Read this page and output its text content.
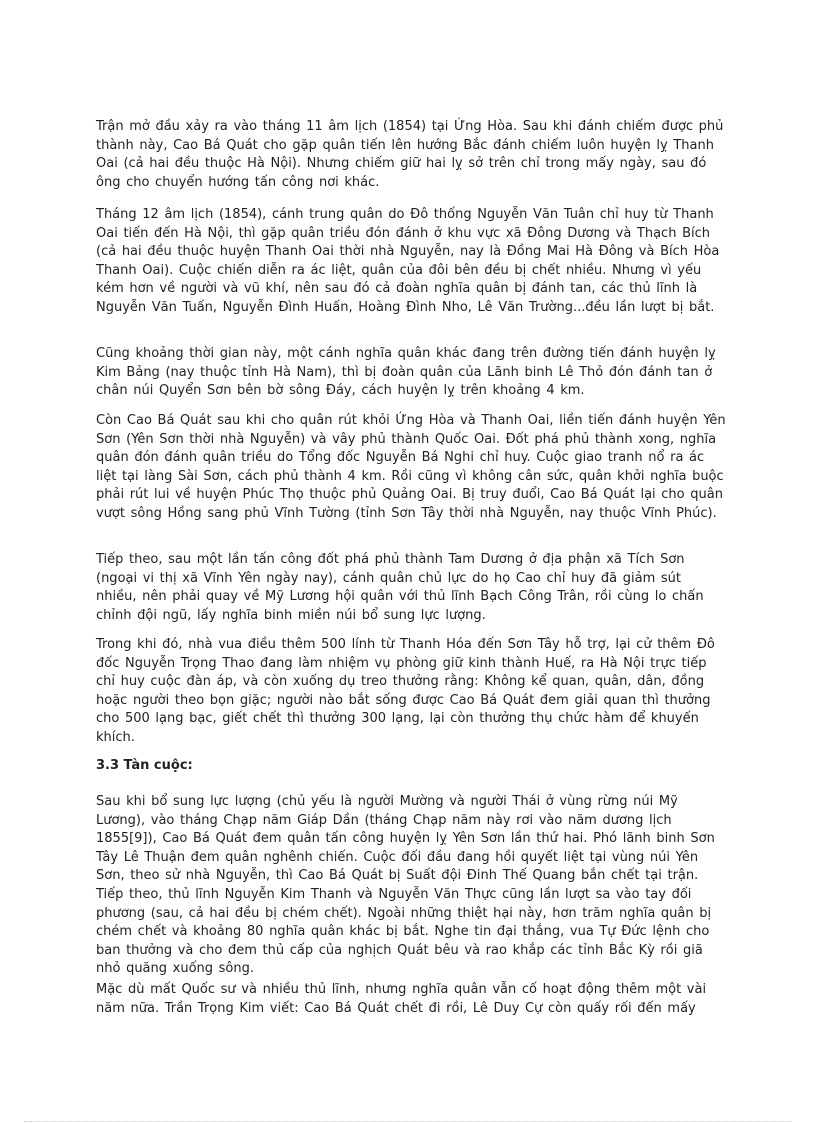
Trận mở đầu xảy ra vào tháng 11 âm lịch (1854) tại Ứng Hòa. Sau khi đánh chiếm được phủ thành này, Cao Bá Quát cho gặp quân tiến lên hướng Bắc đánh chiếm luôn huyện lỵ Thanh Oai (cả hai đều thuộc Hà Nội). Nhưng chiếm giữ hai lỵ sở trên chỉ trong mấy ngày, sau đó ông cho chuyển hướng tấn công nơi khác.

Tháng 12 âm lịch (1854), cánh trung quân do Đô thống Nguyễn Văn Tuân chỉ huy từ Thanh Oai tiến đến Hà Nội, thì gặp quân triều đón đánh ở khu vực xã Đông Dương và Thạch Bích (cả hai đều thuộc huyện Thanh Oai thời nhà Nguyễn, nay là Đồng Mai Hà Đông và Bích Hòa Thanh Oai). Cuộc chiến diễn ra ác liệt, quân của đôi bên đều bị chết nhiều. Nhưng vì yếu kém hơn về người và vũ khí, nên sau đó cả đoàn nghĩa quân bị đánh tan, các thủ lĩnh là Nguyễn Văn Tuấn, Nguyễn Đình Huấn, Hoàng Đình Nho, Lê Văn Trường...đều lần lượt bị bắt.

Cũng khoảng thời gian này, một cánh nghĩa quân khác đang trên đường tiến đánh huyện lỵ Kim Bảng (nay thuộc tỉnh Hà Nam), thì bị đoàn quân của Lãnh binh Lê Thỏ đón đánh tan ở chân núi Quyển Sơn bên bờ sông Đáy, cách huyện lỵ trên khoảng 4 km.

Còn Cao Bá Quát sau khi cho quân rút khỏi Ứng Hòa và Thanh Oai, liền tiến đánh huyện Yên Sơn (Yên Sơn thời nhà Nguyễn) và vây phủ thành Quốc Oai. Đốt phá phủ thành xong, nghĩa quân đón đánh quân triều do Tổng đốc Nguyễn Bá Nghi chỉ huy. Cuộc giao tranh nổ ra ác liệt tại làng Sài Sơn, cách phủ thành 4 km. Rồi cũng vì không cân sức, quân khởi nghĩa buộc phải rút lui về huyện Phúc Thọ thuộc phủ Quảng Oai. Bị truy đuổi, Cao Bá Quát lại cho quân vượt sông Hồng sang phủ Vĩnh Tường (tỉnh Sơn Tây thời nhà Nguyễn, nay thuộc Vĩnh Phúc).

Tiếp theo, sau một lần tấn công đốt phá phủ thành Tam Dương ở địa phận xã Tích Sơn (ngoại vi thị xã Vĩnh Yên ngày nay), cánh quân chủ lực do họ Cao chỉ huy đã giảm sút nhiều, nên phải quay về Mỹ Lương hội quân với thủ lĩnh Bạch Công Trân, rồi cùng lo chấn chỉnh đội ngũ, lấy nghĩa binh miền núi bổ sung lực lượng.

Trong khi đó, nhà vua điều thêm 500 lính từ Thanh Hóa đến Sơn Tây hỗ trợ, lại cử thêm Đô đốc Nguyễn Trọng Thao đang làm nhiệm vụ phòng giữ kinh thành Huế, ra Hà Nội trực tiếp chỉ huy cuộc đàn áp, và còn xuống dụ treo thưởng rằng: Không kể quan, quân, dân, đồng hoặc người theo bọn giặc; người nào bắt sống được Cao Bá Quát đem giải quan thì thưởng cho 500 lạng bạc, giết chết thì thưởng 300 lạng, lại còn thưởng thụ chức hàm để khuyến khích.

3.3 Tàn cuộc:

Sau khi bổ sung lực lượng (chủ yếu là người Mường và người Thái ở vùng rừng núi Mỹ Lương), vào tháng Chạp năm Giáp Dần (tháng Chạp năm này rơi vào năm dương lịch 1855[9]), Cao Bá Quát đem quân tấn công huyện lỵ Yên Sơn lần thứ hai. Phó lãnh binh Sơn Tây Lê Thuận đem quân nghênh chiến. Cuộc đối đầu đang hồi quyết liệt tại vùng núi Yên Sơn, theo sử nhà Nguyễn, thì Cao Bá Quát bị Suất đội Đinh Thế Quang bắn chết tại trận. Tiếp theo, thủ lĩnh Nguyễn Kim Thanh và Nguyễn Văn Thực cũng lần lượt sa vào tay đối phương (sau, cả hai đều bị chém chết). Ngoài những thiệt hại này, hơn trăm nghĩa quân bị chém chết và khoảng 80 nghĩa quân khác bị bắt. Nghe tin đại thắng, vua Tự Đức lệnh cho ban thưởng và cho đem thủ cấp của nghịch Quát bêu và rao khắp các tỉnh Bắc Kỳ rồi giã nhỏ quăng xuống sông.

Mặc dù mất Quốc sư và nhiều thủ lĩnh, nhưng nghĩa quân vẫn cố hoạt động thêm một vài năm nữa. Trần Trọng Kim viết: Cao Bá Quát chết đi rồi, Lê Duy Cự còn quấy rối đến mấy
